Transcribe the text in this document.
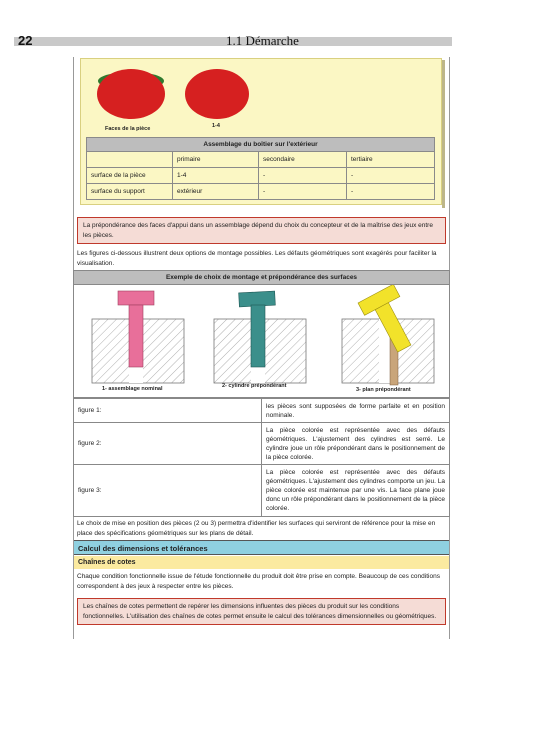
22	1.1 Démarche
Faces de la pièce	1-4
Assemblage du boîtier sur l'extérieur			
	primaire	secondaire	tertiaire
surface de la pièce	1-4	-	-
surface du support	extérieur	-	-
La prépondérance des faces d'appui dans un assemblage dépend du choix du concepteur et de la maîtrise des jeux entre les pièces.
Les figures ci-dessous illustrent deux options de montage possibles. Les défauts géométriques sont exagérés pour faciliter la visualisation.
Exemple de choix de montage et prépondérance des surfaces
1- assemblage nominal	2- cylindre prépondérant
3- plan prépondérant
figure 1:	les pièces sont supposées de forme parfaite et en position nominale.
figure 2:	La pièce colorée est représentée avec des défauts géométriques. L'ajustement des cylindres est serré. Le cylindre joue un rôle prépondérant dans le positionnement de la pièce colorée.
figure 3:	La pièce colorée est représentée avec des défauts géométriques. L'ajustement des cylindres comporte un jeu. La pièce colorée est maintenue par une vis. La face plane joue donc un rôle prépondérant dans le positionnement de la pièce colorée.
Le choix de mise en position des pièces (2 ou 3) permettra d'identifier les surfaces qui serviront de référence pour la mise en place des spécifications géométriques sur les plans de détail.
Calcul des dimensions et tolérances
Chaînes de cotes
Chaque condition fonctionnelle issue de l'étude fonctionnelle du produit doit être prise en compte. Beaucoup de ces conditions correspondent à des jeux à respecter entre les pièces.
Les chaînes de cotes permettent de repérer les dimensions influentes des pièces du produit sur les conditions fonctionnelles. L'utilisation des chaînes de cotes permet ensuite le calcul des tolérances dimensionnelles ou géométriques.
